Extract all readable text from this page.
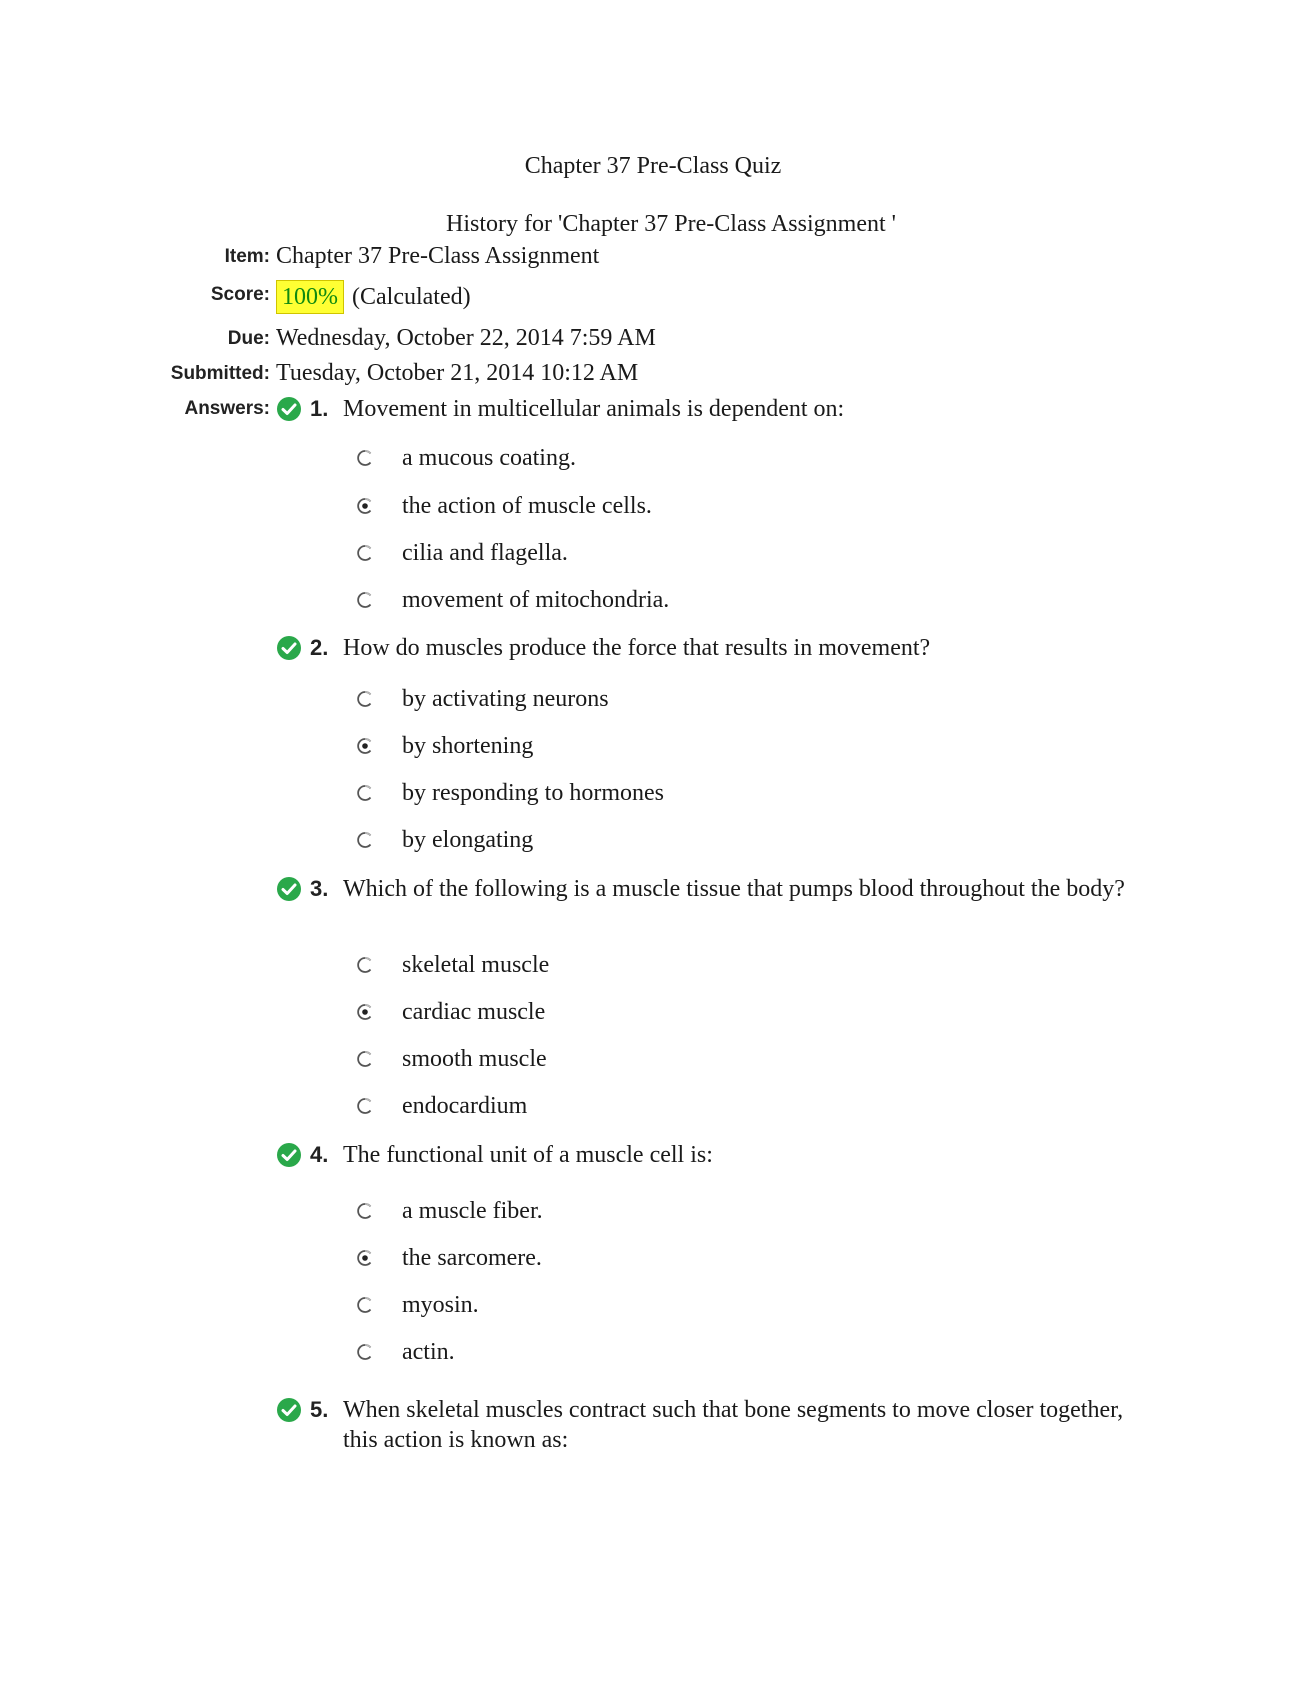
Chapter 37 Pre-Class Quiz
History for 'Chapter 37 Pre-Class Assignment '
Item: Chapter 37 Pre-Class Assignment
Score: 100% (Calculated)
Due: Wednesday, October 22, 2014 7:59 AM
Submitted: Tuesday, October 21, 2014 10:12 AM
Answers: 1. Movement in multicellular animals is dependent on:
a mucous coating.
the action of muscle cells.
cilia and flagella.
movement of mitochondria.
2. How do muscles produce the force that results in movement?
by activating neurons
by shortening
by responding to hormones
by elongating
3. Which of the following is a muscle tissue that pumps blood throughout the body?
skeletal muscle
cardiac muscle
smooth muscle
endocardium
4. The functional unit of a muscle cell is:
a muscle fiber.
the sarcomere.
myosin.
actin.
5. When skeletal muscles contract such that bone segments to move closer together, this action is known as:
